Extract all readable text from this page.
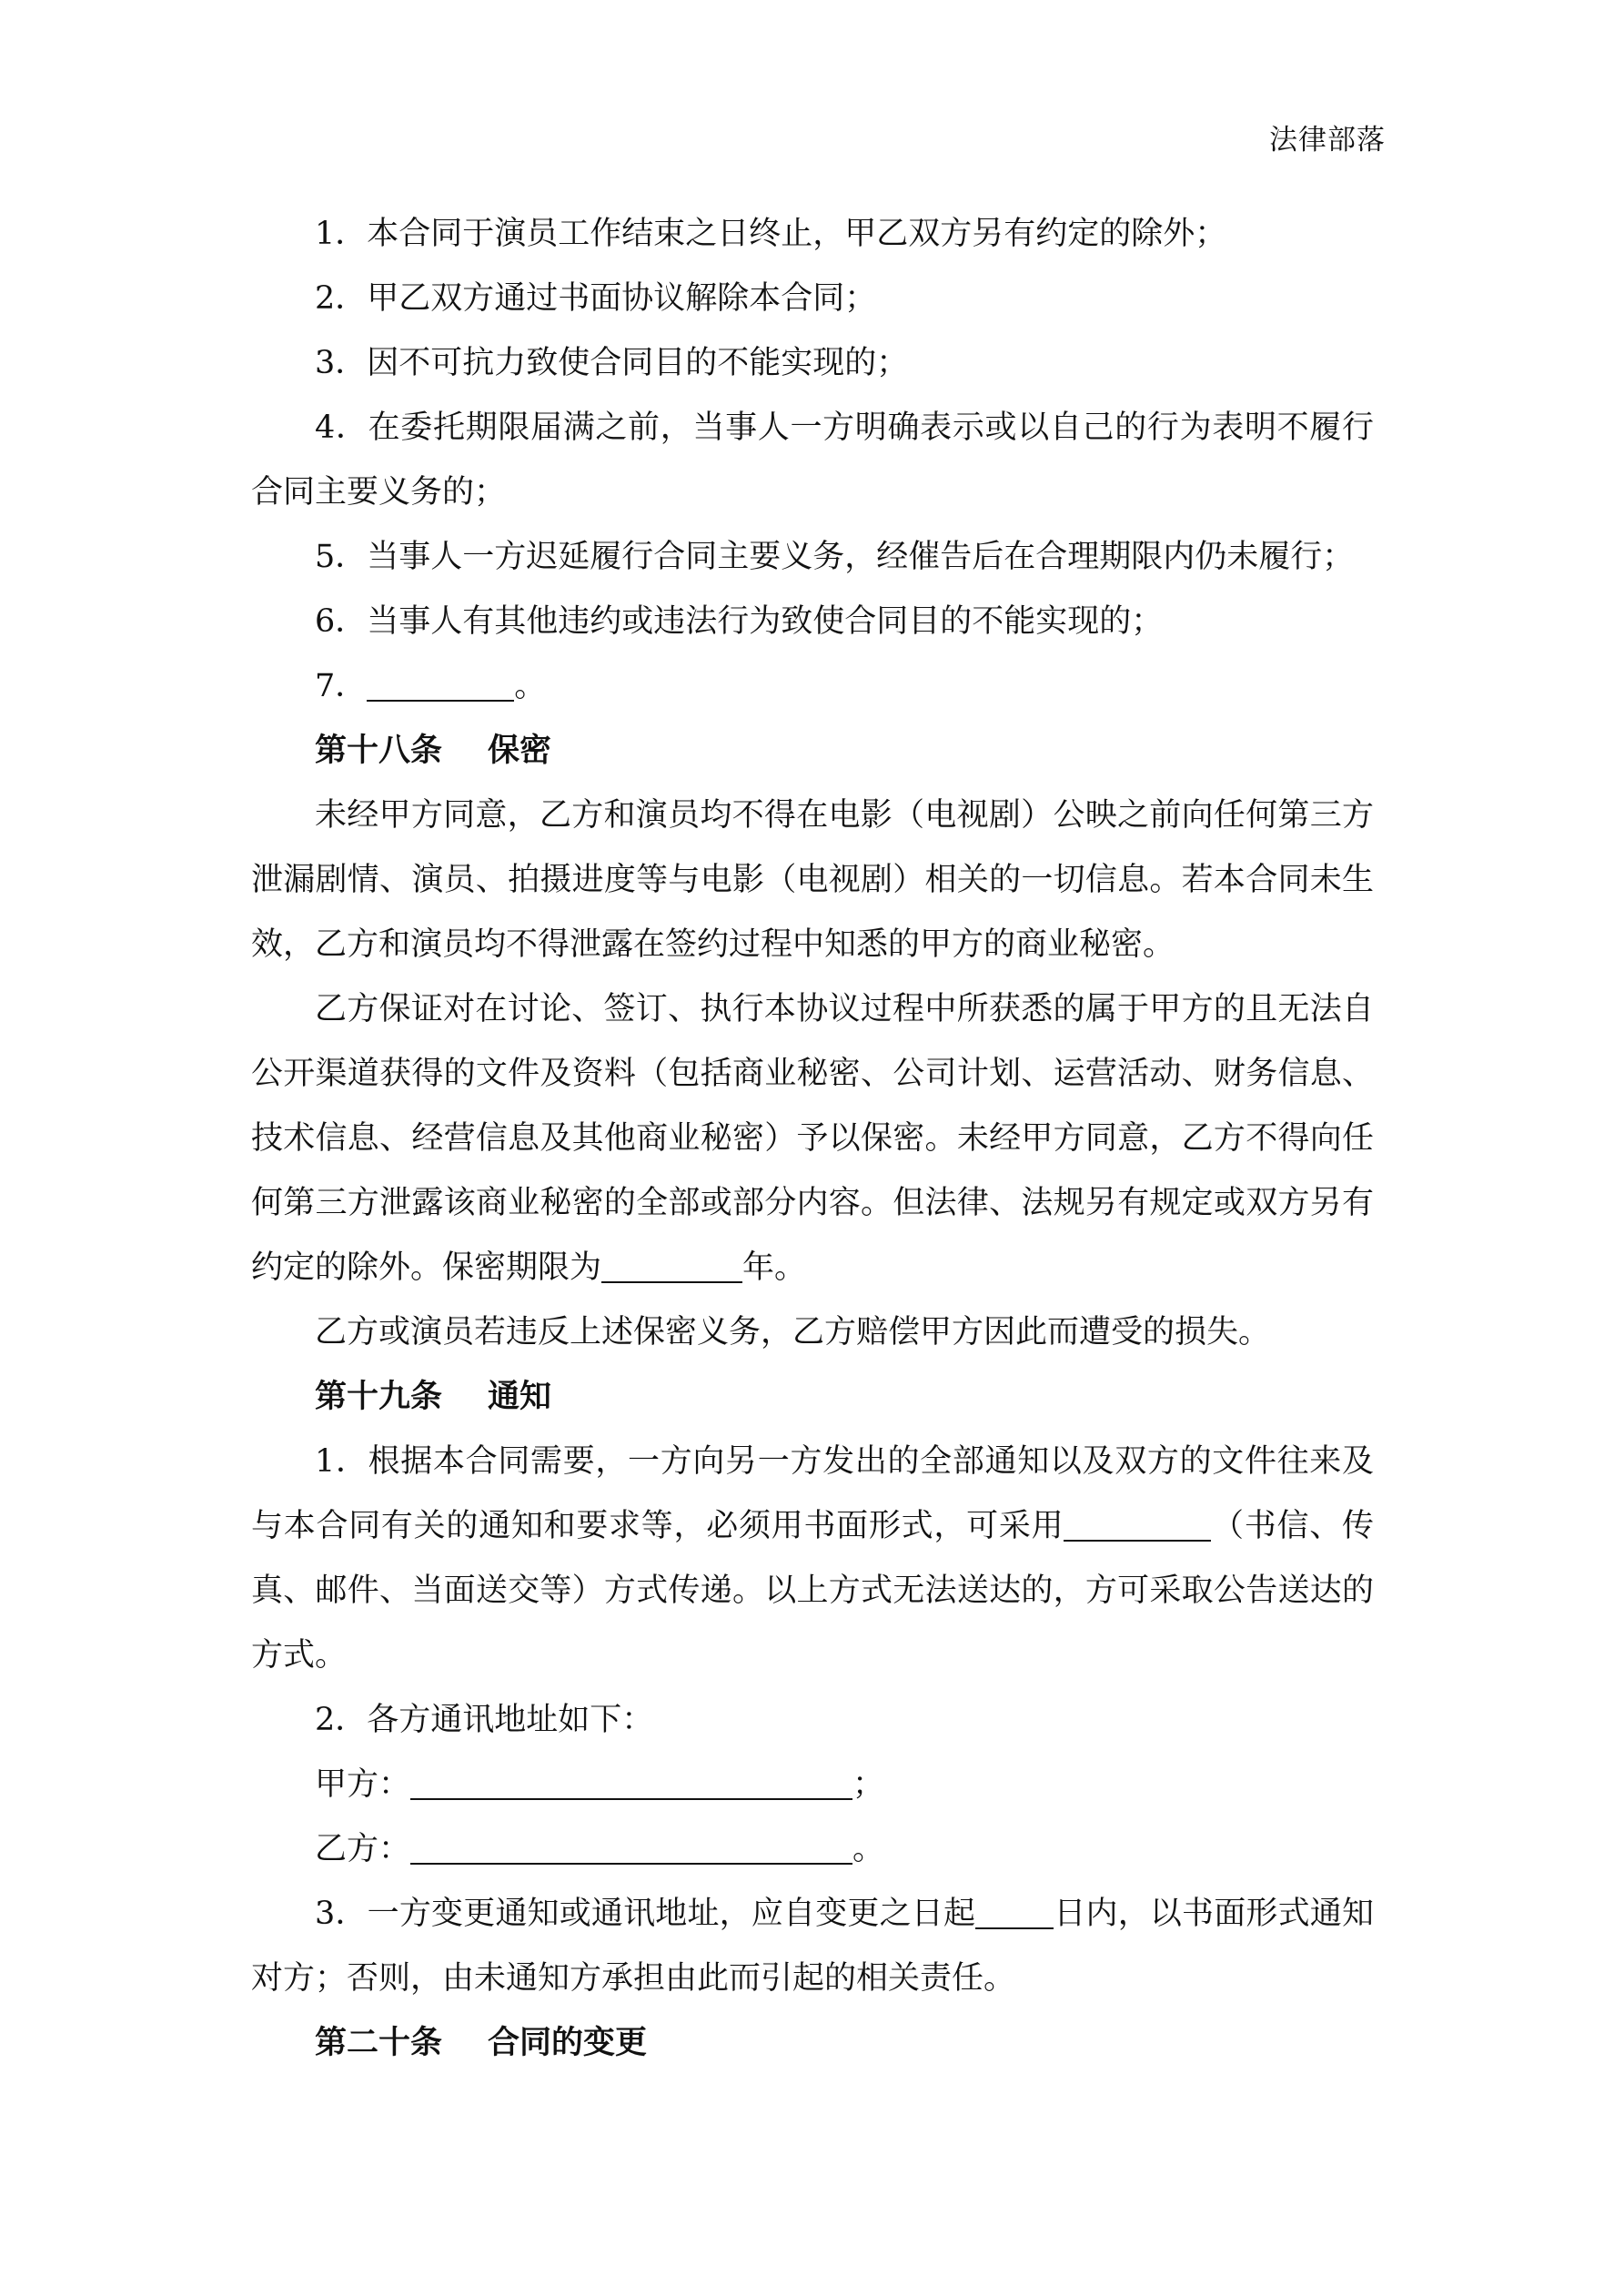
法律部落

1．本合同于演员工作结束之日终止，甲乙双方另有约定的除外；

2．甲乙双方通过书面协议解除本合同；

3．因不可抗力致使合同目的不能实现的；

4．在委托期限届满之前，当事人一方明确表示或以自己的行为表明不履行合同主要义务的；

5．当事人一方迟延履行合同主要义务，经催告后在合理期限内仍未履行；

6．当事人有其他违约或违法行为致使合同目的不能实现的；

7．	。

第十八条 保密

未经甲方同意，乙方和演员均不得在电影（电视剧）公映之前向任何第三方泄漏剧情、演员、拍摄进度等与电影（电视剧）相关的一切信息。若本合同未生效，乙方和演员均不得泄露在签约过程中知悉的甲方的商业秘密。

乙方保证对在讨论、签订、执行本协议过程中所获悉的属于甲方的且无法自公开渠道获得的文件及资料（包括商业秘密、公司计划、运营活动、财务信息、技术信息、经营信息及其他商业秘密）予以保密。未经甲方同意，乙方不得向任何第三方泄露该商业秘密的全部或部分内容。但法律、法规另有规定或双方另有约定的除外。保密期限为	年。

乙方或演员若违反上述保密义务，乙方赔偿甲方因此而遭受的损失。

第十九条 通知

1．根据本合同需要，一方向另一方发出的全部通知以及双方的文件往来及与本合同有关的通知和要求等，必须用书面形式，可采用	（书信、传真、邮件、当面送交等）方式传递。以上方式无法送达的，方可采取公告送达的方式。

2．各方通讯地址如下：

甲方：	；

乙方：	。

3．一方变更通知或通讯地址，应自变更之日起 日内，以书面形式通知对方；否则，由未通知方承担由此而引起的相关责任。

第二十条 合同的变更
